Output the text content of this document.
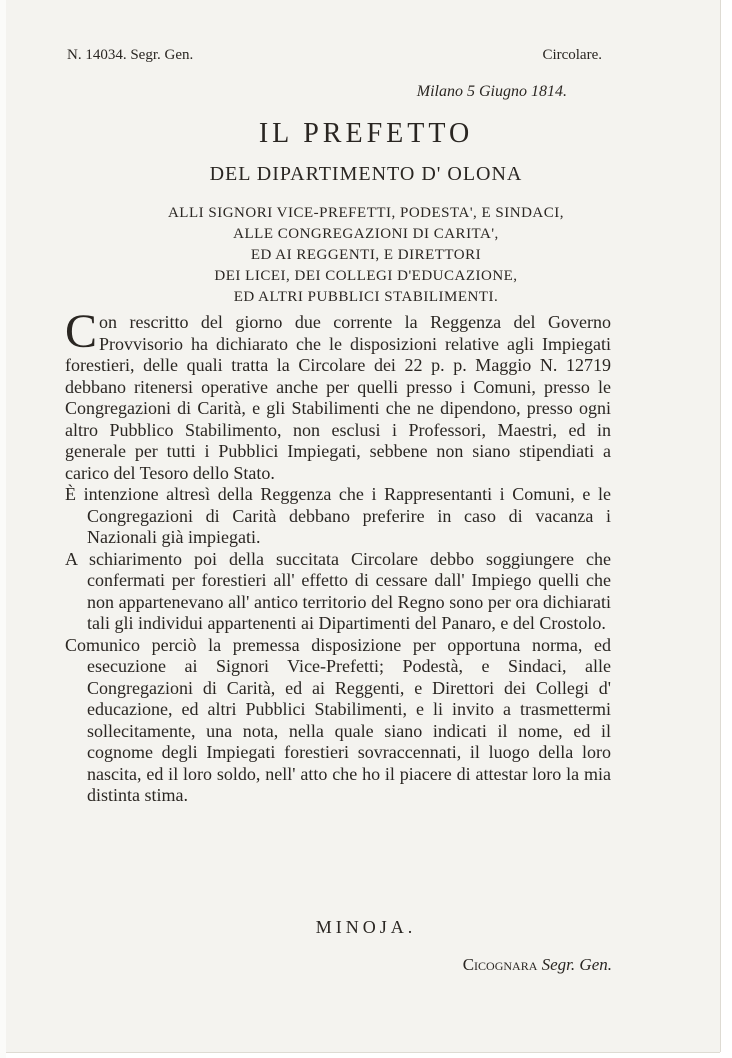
N. 14034. Segr. Gen.	Circolare.
Milano 5 Giugno 1814.
IL PREFETTO
DEL DIPARTIMENTO D' OLONA
ALLI SIGNORI VICE-PREFETTI, PODESTA', E SINDACI,
ALLE CONGREGAZIONI DI CARITA',
ED AI REGGENTI, E DIRETTORI
DEI LICEI, DEI COLLEGI D'EDUCAZIONE,
ED ALTRI PUBBLICI STABILIMENTI.

Con rescritto del giorno due corrente la Reggenza del Governo Provvisorio ha dichiarato che le disposizioni relative agli Impiegati forestieri, delle quali tratta la Circolare dei 22 p. p. Maggio N. 12719 debbano ritenersi operative anche per quelli presso i Comuni, presso le Congregazioni di Carità, e gli Stabilimenti che ne dipendono, presso ogni altro Pubblico Stabilimento, non esclusi i Professori, Maestri, ed in generale per tutti i Pubblici Impiegati, sebbene non siano stipendiati a carico del Tesoro dello Stato.

È intenzione altresì della Reggenza che i Rappresentanti i Comuni, e le Congregazioni di Carità debbano preferire in caso di vacanza i Nazionali già impiegati.

A schiarimento poi della succitata Circolare debbo soggiungere che confermati per forestieri all' effetto di cessare dall' Impiego quelli che non appartenevano all' antico territorio del Regno sono per ora dichiarati tali gli individui appartenenti ai Dipartimenti del Panaro, e del Crostolo.

Comunico perciò la premessa disposizione per opportuna norma, ed esecuzione ai Signori Vice-Prefetti; Podestà, e Sindaci, alle Congregazioni di Carità, ed ai Reggenti, e Direttori dei Collegi d' educazione, ed altri Pubblici Stabilimenti, e li invito a trasmettermi sollecitamente, una nota, nella quale siano indicati il nome, ed il cognome degli Impiegati forestieri sovraccennati, il luogo della loro nascita, ed il loro soldo, nell' atto che ho il piacere di attestar loro la mia distinta stima.

MINOJA.
Cicognara Segr. Gen.
